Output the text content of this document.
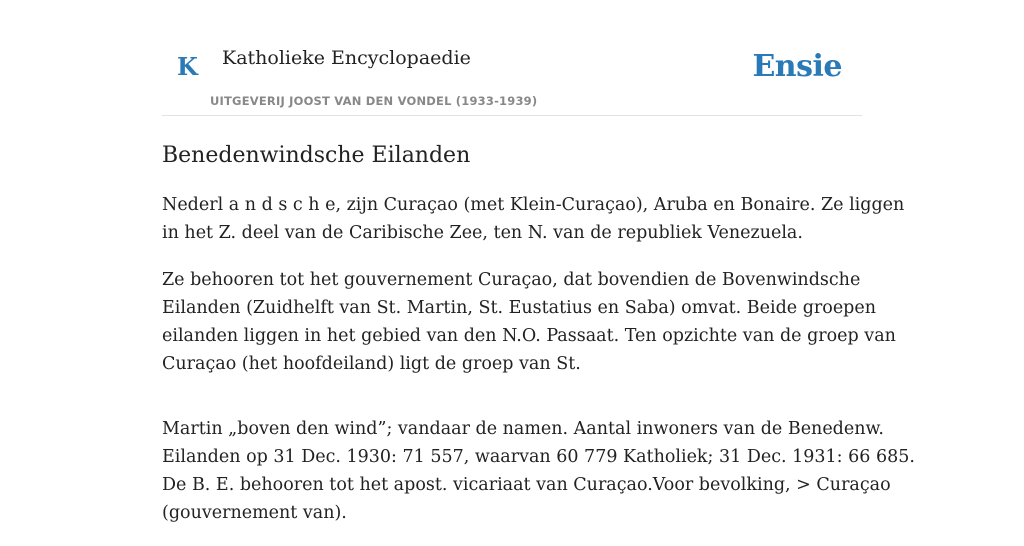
K Katholieke Encyclopaedie
UITGEVERIJ JOOST VAN DEN VONDEL (1933-1939)
Ensie
Benedenwindsche Eilanden

Nederl a n d s c h e, zijn Curaçao (met Klein-Curaçao), Aruba en Bonaire. Ze liggen
in het Z. deel van de Caribische Zee, ten N. van de republiek Venezuela.

Ze behooren tot het gouvernement Curaçao, dat bovendien de Bovenwindsche
Eilanden (Zuidhelft van St. Martin, St. Eustatius en Saba) omvat. Beide groepen
eilanden liggen in het gebied van den N.O. Passaat. Ten opzichte van de groep van
Curaçao (het hoofdeiland) ligt de groep van St.

Martin „boven den wind”; vandaar de namen. Aantal inwoners van de Benedenw.
Eilanden op 31 Dec. 1930: 71 557, waarvan 60 779 Katholiek; 31 Dec. 1931: 66 685.
De B. E. behooren tot het apost. vicariaat van Curaçao.Voor bevolking, > Curaçao
(gouvernement van).
